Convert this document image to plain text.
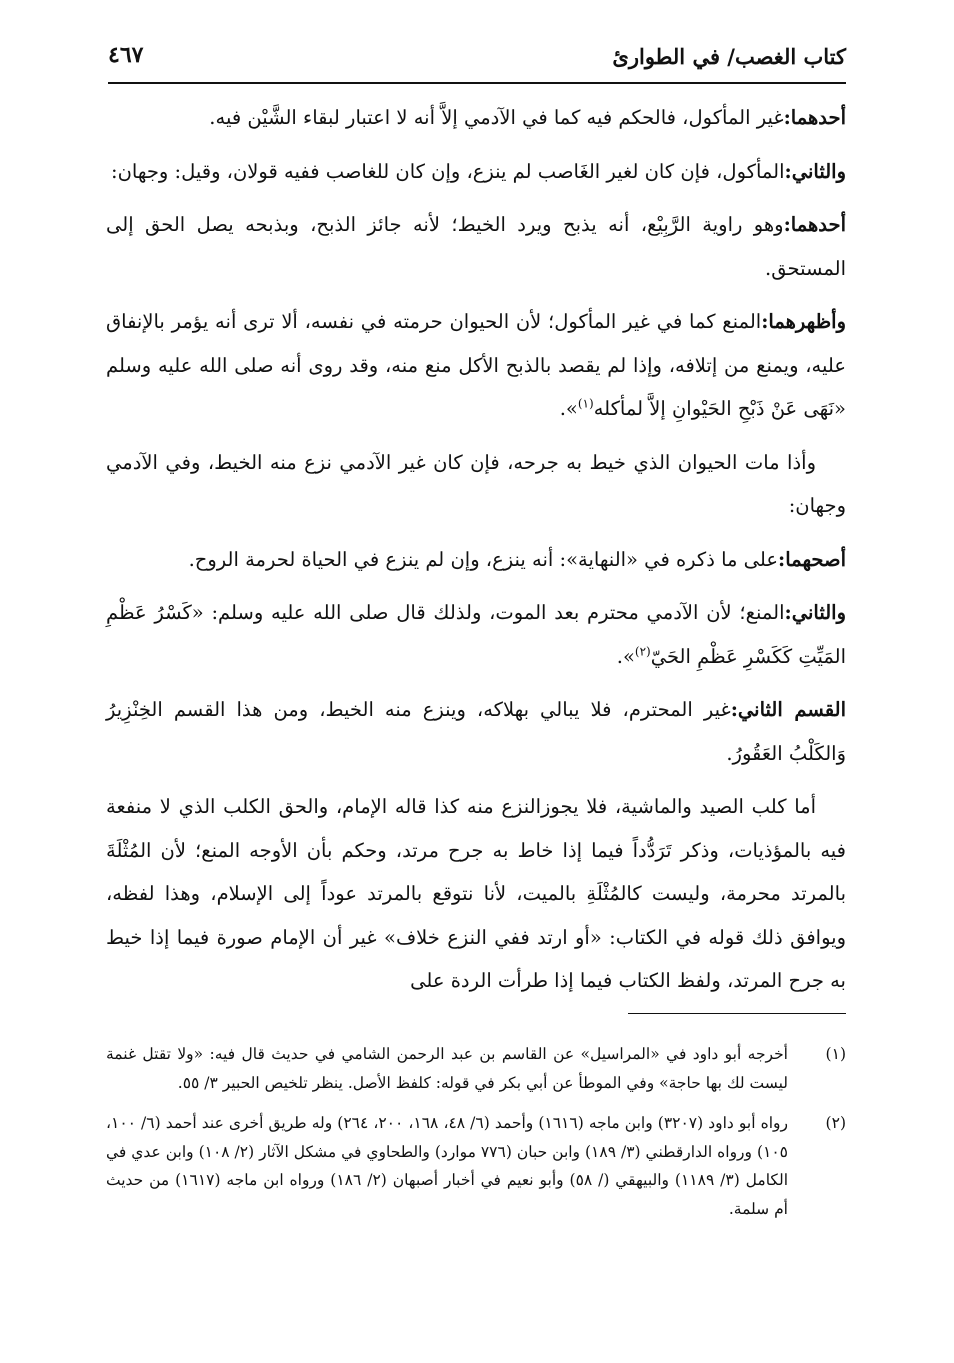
كتاب الغصب/ في الطوارئ
٤٦٧

أحدهما:غير المأكول، فالحكم فيه كما في الآدمي إلاَّ أنه لا اعتبار لبقاء الشَّيْن فيه.

والثاني:المأكول، فإن كان لغير الغَاصب لم ينزع، وإن كان للغاصب ففيه قولان، وقيل: وجهان:

أحدهما:وهو راوية الرَّبِيْع، أنه يذبح ويرد الخيط؛ لأنه جائز الذبح، وبذبحه يصل الحق إلى المستحق.

وأظهرهما:المنع كما في غير المأكول؛ لأن الحيوان حرمته في نفسه، ألا ترى أنه يؤمر بالإنفاق عليه، ويمنع من إتلافه، وإذا لم يقصد بالذبح الأكل منع منه، وقد روى أنه صلى الله عليه وسلم «نَهَى عَنْ ذَبْحِ الحَيْوانِ إلاَّ لمأكله$^{(١)}$».

وأذا مات الحيوان الذي خيط به جرحه، فإن كان غير الآدمي نزع منه الخيط، وفي الآدمي وجهان:

أصحهما:على ما ذكره في «النهاية»: أنه ينزع، وإن لم ينزع في الحياة لحرمة الروح.

والثاني:المنع؛ لأن الآدمي محترم بعد الموت، ولذلك قال صلى الله عليه وسلم: «كَسْرُ عَظْمِ المَيِّتِ كَكَسْرِ عَظْمِ الحَيّ$^{(٢)}$».

القسم الثاني:غير المحترم، فلا يبالي بهلاكه، وينزع منه الخيط، ومن هذا القسم الخِنْزِيرُ وَالكَلْبُ العَقُورُ.

أما كلب الصيد والماشية، فلا يجوزالنزع منه كذا قاله الإمام، والحق الكلب الذي لا منفعة فيه بالمؤذيات، وذكر تَرَدُّداً فيما إذا خاط به جرح مرتد، وحكم بأن الأوجه المنع؛ لأن المُثْلَةَ بالمرتد محرمة، وليست كالمُثْلَةِ بالميت، لأنا نتوقع بالمرتد عوداً إلى الإسلام، وهذا لفظه، ويوافق ذلك قوله في الكتاب: «أو ارتد ففي النزع خلاف» غير أن الإمام صورة فيما إذا خيط به جرح المرتد، ولفظ الكتاب فيما إذا طرأت الردة على

(١)
أخرجه أبو داود في «المراسيل» عن القاسم بن عبد الرحمن الشامي في حديث قال فيه: «ولا تقتل غنمة ليست لك بها حاجة» وفي الموطأ عن أبي بكر في قوله: كلفظ الأصل. ينظر تلخيص الحبير ٣/ ٥٥.
(٢)
رواه أبو داود (٣٢٠٧) وابن ماجه (١٦١٦) وأحمد (٦/ ٤٨، ١٦٨، ٢٠٠، ٢٦٤) وله طريق أخرى عند أحمد (٦/ ١٠٠، ١٠٥) ورواه الدارقطني (٣/ ١٨٩) وابن حبان (٧٧٦ موارد) والطحاوي في مشكل الآثار (٢/ ١٠٨) وابن عدي في الكامل (٣/ ١١٨٩) والبيهقي (/ ٥٨) وأبو نعيم في أخبار أصبهان (٢/ ١٨٦) ورواه ابن ماجه (١٦١٧) من حديث أم سلمة.
